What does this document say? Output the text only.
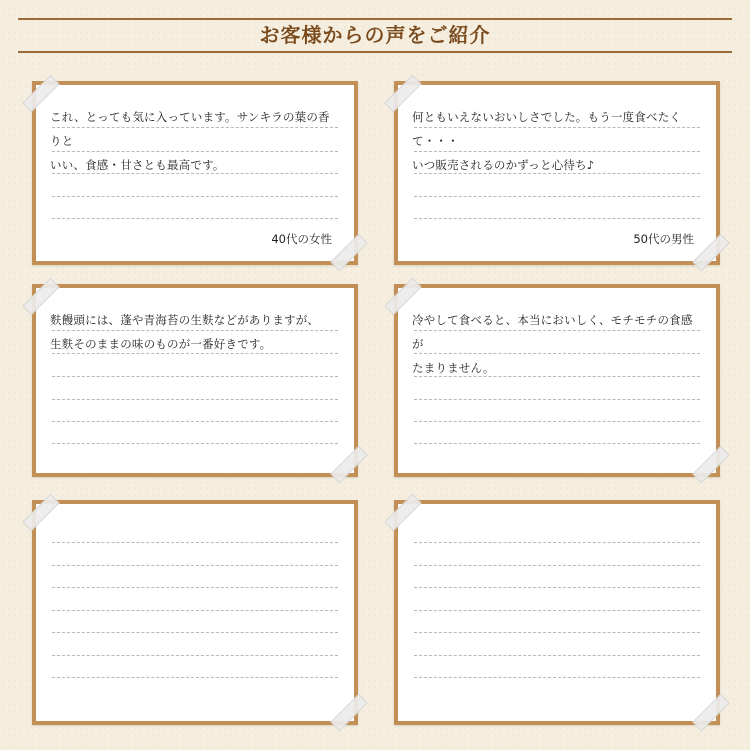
お客様からの声をご紹介
これ、とっても気に入っています。サンキラの葉の香りと
いい、食感・甘さとも最高です。
40代の女性
何ともいえないおいしさでした。もう一度食べたくて・・・
いつ販売されるのかずっと心待ち♪
50代の男性
麩饅頭には、蓬や青海苔の生麩などがありますが、
生麩そのままの味のものが一番好きです。
冷やして食べると、本当においしく、モチモチの食感が
たまりません。
